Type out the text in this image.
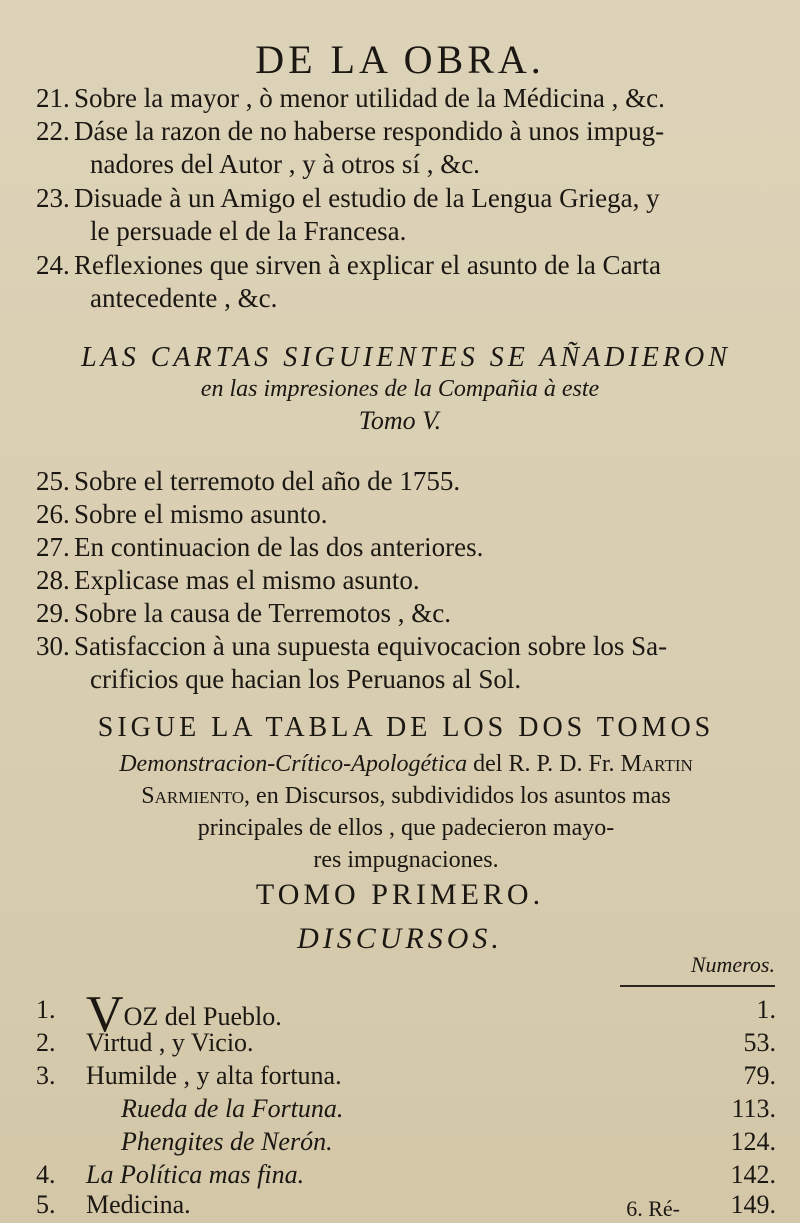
DE LA OBRA.
21. Sobre la mayor , ò menor utilidad de la Médicina , &c.
22. Dáse la razon de no haberse respondido à unos impug-
nadores del Autor , y à otros sí , &c.
23. Disuade à un Amigo el estudio de la Lengua Griega, y
le persuade el de la Francesa.
24. Reflexiones que sirven à explicar el asunto de la Carta
antecedente , &c.
LAS CARTAS SIGUIENTES SE AÑADIERON
en las impresiones de la Compañia à este
Tomo V.
25. Sobre el terremoto del año de 1755.
26. Sobre el mismo asunto.
27. En continuacion de las dos anteriores.
28. Explicase mas el mismo asunto.
29. Sobre la causa de Terremotos , &c.
30. Satisfaccion à una supuesta equivocacion sobre los Sa-
crificios que hacian los Peruanos al Sol.
SIGUE LA TABLA DE LOS DOS TOMOS
Demonstracion-Crítico-Apologética del R. P. D. Fr. Martin
Sarmiento, en Discursos, subdivididos los asuntos mas
principales de ellos , que padecieron mayo-
res impugnaciones.
TOMO PRIMERO.
DISCURSOS.
Numeros.
1. VOZ del Pueblo.	1.
2.	Virtud , y Vicio.	53.
3.	Humilde , y alta fortuna.	79.
Rueda de la Fortuna.	113.
Phengites de Nerón.	124.
4.	La Política mas fina.	142.
5.	Medicina.	149.
6. Ré-
